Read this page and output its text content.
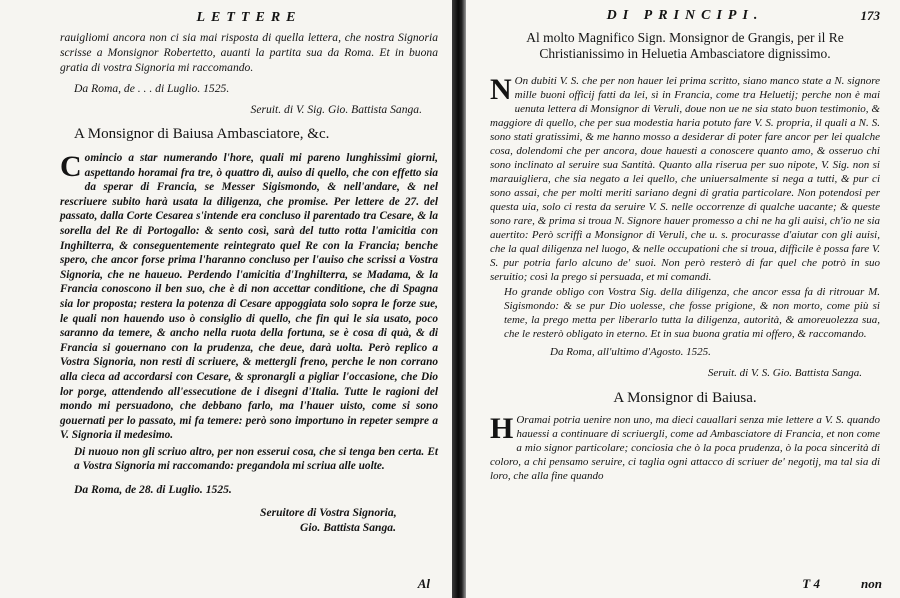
LETTERE

rauigliomi ancora non ci sia mai risposta di quella lettera, che nostra Signoria scrisse a Monsignor Robertetto, auanti la partita sua da Roma. Et in buona gratia di vostra Signoria mi raccomando.

Da Roma, de . . . di Luglio. 1525.
Seruit. di V. Sig. Gio. Battista Sanga.
A Monsignor di Baiusa Ambasciatore, &c.
C omincio a star numerando l'hore, quali mi pareno lunghissimi giorni, aspettando horamai fra tre, ò quattro dì, auiso di quello, che con effetto sia da sperar di Francia, se Messer Sigismondo, & nell'andare, & nel rescriuere subito harà usata la diligenza, che promise. Per lettere de 27. del passato, dalla Corte Cesarea s'intende era concluso il parentado tra Cesare, & la sorella del Re di Portogallo: & sento così, sarà del tutto rotta l'amicitia con Inghilterra, & conseguentemente reintegrato quel Re con la Francia; benche spero, che ancor forse prima l'haranno concluso per l'auiso che scrissi a Vostra Signoria, che ne haueuo. Perdendo l'amicitia d'Inghilterra, se Madama, & la Francia conoscono il ben suo, che è di non accettar conditione, che di Spagna sia lor proposta; restera la potenza di Cesare appoggiata solo sopra le forze sue, le quali non hauendo uso ò consiglio di quello, che fin qui le sia usato, poco saranno da temere, & ancho nella ruota della fortuna, se è cosa di quà, & di Francia si gouernano con la prudenza, che deue, darà uolta. Però replico a Vostra Signoria, non resti di scriuere, & mettergli freno, perche le non corrano alla cieca ad accordarsi con Cesare, & spronargli a pigliar l'occasione, che Dio lor porge, attendendo all'essecutione de i disegni d'Italia. Tutte le ragioni del mondo mi persuadono, che debbano farlo, ma l'hauer uisto, come si sono gouernati per lo passato, mi fa temere: però sono importuno in repeter sempre a V. Signoria il medesimo.

Di nuouo non gli scriuo altro, per non esserui cosa, che si tenga ben certa. Et a Vostra Signoria mi raccomando: pregandola mi scriua alle uolte.

Da Roma, de 28. di Luglio. 1525.
Seruitore di Vostra Signoria,
Gio. Battista Sanga.
Al
DI PRINCIPI.	173
Al molto Magnifico Sign. Monsignor de Grangis, per il Re Christianissimo in Heluetia Ambasciatore dignissimo.
N On dubiti V. S. che per non hauer lei prima scritto, siano manco state a N. signore mille buoni officij fatti da lei, sì in Francia, come tra Heluetij; perche non è mai uenuta lettera di Monsignor di Veruli, doue non ue ne sia stato buon testimonio, & maggiore di quello, che per sua modestia haria potuto fare V. S. propria, il quali a N. S. sono stati gratissimi, & me hanno mosso a desiderar di poter fare ancor per lei qualche cosa, dolendomi che per ancora, doue hauesti a conoscere quanto amo, & osseruo chi sono inclinato al seruire sua Santità. Quanto alla riserua per suo nipote, V. Sig. non si marauigliera, che sia negato a lei quello, che uniuersalmente si nega a tutti, & pur ci sono assai, che per molti meriti sariano degni di gratia particolare. Non potendosi per questa uia, solo ci resta da seruire V. S. nelle occorrenze di qualche uacante; & queste sono rare, & prima si troua N. Signore hauer promesso a chi ne ha gli auisi, ch'io ne sia auertito: Però scriffi a Monsignor di Veruli, che u. s. procurasse d'aiutar con gli auisi, che la qual diligenza nel luogo, & nelle occupationi che si troua, difficile è possa fare V. S. pur potria farlo alcuno de' suoi. Non però resterò di far quel che potrò in suo seruitio; così la prego si persuada, et mi comandi.

Ho grande obligo con Vostra Sig. della diligenza, che ancor essa fa di ritrouar M. Sigismondo: & se pur Dio uolesse, che fosse prigione, & non morto, come più si teme, la prego metta per liberarlo tutta la diligenza, autorità, & amoreuolezza sua, che le resterò obligato in eterno. Et in sua buona gratia mi offero, & raccomando.

Da Roma, all'ultimo d'Agosto. 1525.
Seruit. di V. S. Gio. Battista Sanga.
A Monsignor di Baiusa.
H Oramai potria uenire non uno, ma dieci cauallari senza mie lettere a V. S. quando hauessi a continuare di scriuergli, come ad Ambasciatore di Francia, et non come a mio signor particolare; conciosia che ò la poca prudenza, ò la poca sincerità di coloro, a chi pensamo seruire, ci taglia ogni attacco di scriuer de' negotij, ma tal sia di loro, che alla fine quando

T 4	non
